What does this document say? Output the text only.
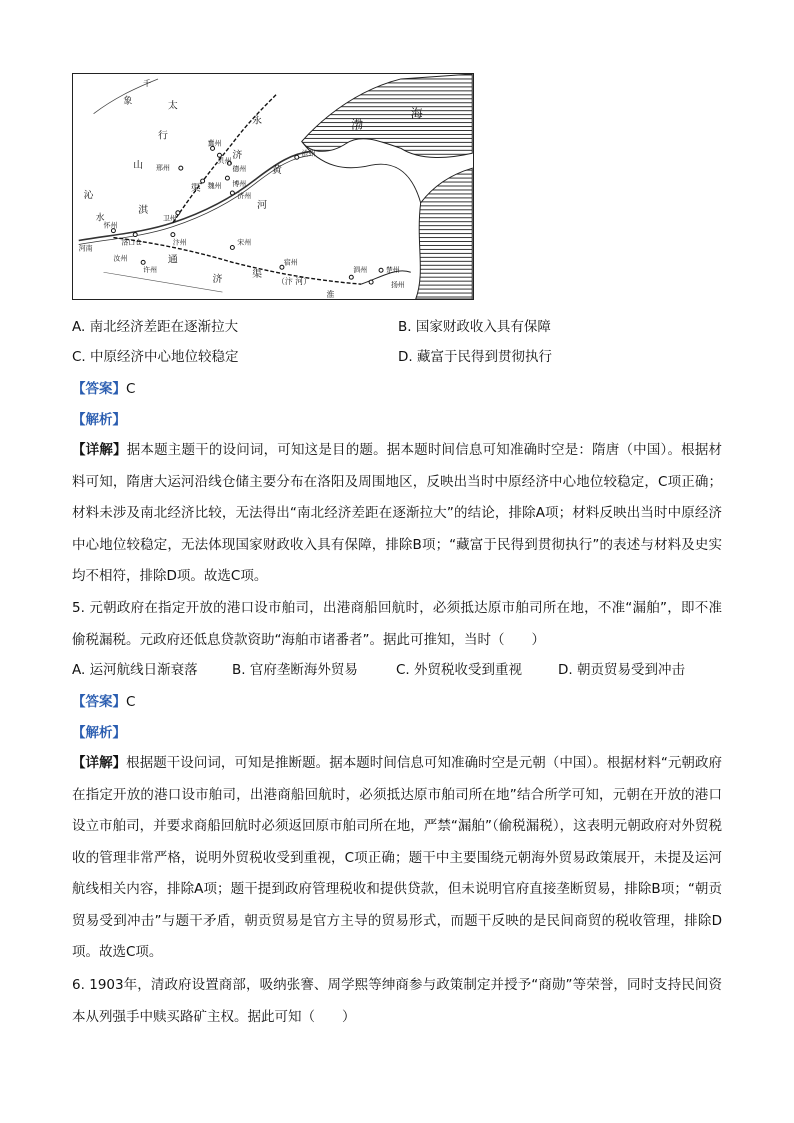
千
象	太
行
山
沁
水
永
济
渠
淇
渤
海
黄
河
通
济	渠
（汴 河）
淮
沧州
冀州
贝州
德州
魏州 博州
济州
邢州
卫州
怀州
汴州	宋州
许州
宿州
泗州	楚州
扬州
河南
洛口仓
汝州
A. 南北经济差距在逐渐拉大	B. 国家财政收入具有保障
C. 中原经济中心地位较稳定	D. 藏富于民得到贯彻执行
【答案】C
【解析】
【详解】据本题主题干的设问词，可知这是目的题。据本题时间信息可知准确时空是：隋唐（中国）。根据材料可知，隋唐大运河沿线仓储主要分布在洛阳及周围地区，反映出当时中原经济中心地位较稳定，C项正确；材料未涉及南北经济比较，无法得出“南北经济差距在逐渐拉大”的结论，排除A项；材料反映出当时中原经济中心地位较稳定，无法体现国家财政收入具有保障，排除B项；“藏富于民得到贯彻执行”的表述与材料及史实均不相符，排除D项。故选C项。
5. 元朝政府在指定开放的港口设市舶司，出港商船回航时，必须抵达原市舶司所在地，不准“漏舶”，即不准偷税漏税。元政府还低息贷款资助“海舶市诸番者”。据此可推知，当时（　　）
A. 运河航线日渐衰落	B. 官府垄断海外贸易	C. 外贸税收受到重视	D. 朝贡贸易受到冲击
【答案】C
【解析】
【详解】根据题干设问词，可知是推断题。据本题时间信息可知准确时空是元朝（中国）。根据材料“元朝政府在指定开放的港口设市舶司，出港商船回航时，必须抵达原市舶司所在地”结合所学可知，元朝在开放的港口设立市舶司，并要求商船回航时必须返回原市舶司所在地，严禁“漏舶”（偷税漏税），这表明元朝政府对外贸税收的管理非常严格，说明外贸税收受到重视，C项正确；题干中主要围绕元朝海外贸易政策展开，未提及运河航线相关内容，排除A项；题干提到政府管理税收和提供贷款，但未说明官府直接垄断贸易，排除B项；“朝贡贸易受到冲击”与题干矛盾，朝贡贸易是官方主导的贸易形式，而题干反映的是民间商贸的税收管理，排除D项。故选C项。
6. 1903年，清政府设置商部，吸纳张謇、周学熙等绅商参与政策制定并授予“商勋”等荣誉，同时支持民间资本从列强手中赎买路矿主权。据此可知（　　）
